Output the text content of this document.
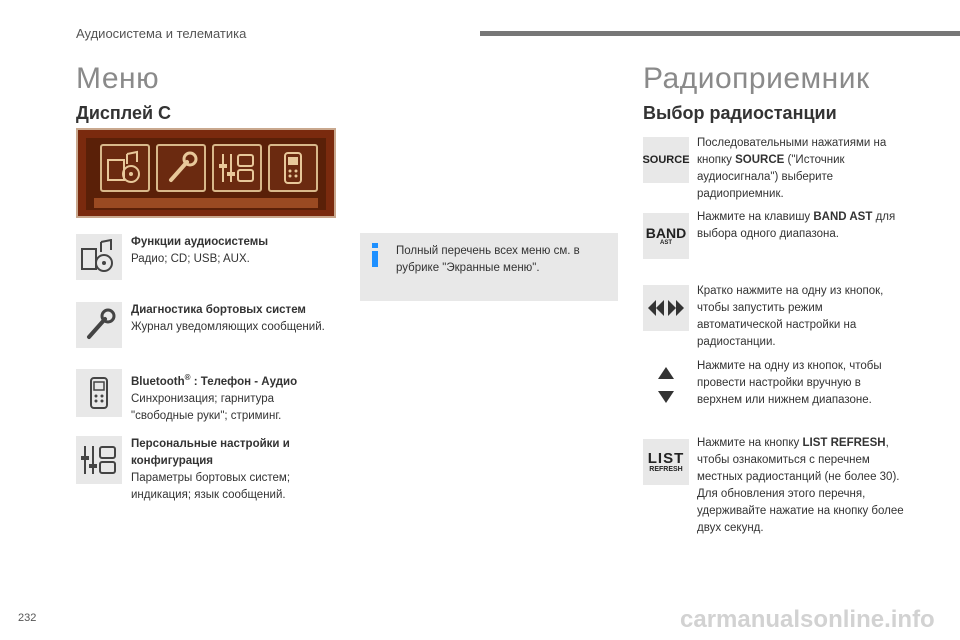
Аудиосистема и телематика
Меню
Дисплей С
Функции аудиосистемы
Радио; CD; USB; AUX.
Диагностика бортовых систем
Журнал уведомляющих сообщений.
Bluetooth® : Телефон - Аудио
Синхронизация; гарнитура "свободные руки"; стриминг.
Персональные настройки и конфигурация
Параметры бортовых систем; индикация; язык сообщений.
Полный перечень всех меню см. в рубрике "Экранные меню".
Радиоприемник
Выбор радиостанции
SOURCE
Последовательными нажатиями на кнопку SOURCE ("Источник аудиосигнала") выберите радиоприемник.
BAND
AST
Нажмите на клавишу BAND AST для выбора одного диапазона.
Кратко нажмите на одну из кнопок, чтобы запустить режим автоматической настройки на радиостанции.
Нажмите на одну из кнопок, чтобы провести настройки вручную в верхнем или нижнем диапазоне.
LIST
REFRESH
Нажмите на кнопку LIST REFRESH, чтобы ознакомиться с перечнем местных радиостанций (не более 30).
Для обновления этого перечня, удерживайте нажатие на кнопку более двух секунд.
232	carmanualsonline.info
